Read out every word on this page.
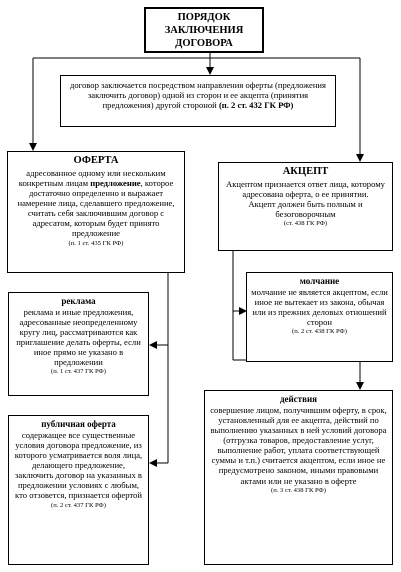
ПОРЯДОК
ЗАКЛЮЧЕНИЯ
ДОГОВОРА
договор заключается посредством направления оферты (предложения заключить договор) одной из сторон и ее акцепта (принятия предложения) другой стороной (п. 2 ст. 432 ГК РФ)
ОФЕРТА
адресованное одному или нескольким конкретным лицам предложение, которое достаточно определенно и выражает намерение лица, сделавшего предложение, считать себя заключившим договор с адресатом, которым будет принято предложение
(п. 1 ст. 435 ГК РФ)
АКЦЕПТ
Акцептом признается ответ лица, которому адресована оферта, о ее принятии.
Акцепт должен быть полным и безоговорочным
(ст. 438 ГК РФ)
реклама
реклама и иные предложения, адресованные неопределенному кругу лиц, рассматриваются как приглашение делать оферты, если иное прямо не указано в предложении
(п. 1 ст. 437 ГК РФ)
молчание
молчание не является акцептом, если иное не вытекает из закона, обычая или из прежних деловых отношений сторон
(п. 2 ст. 438 ГК РФ)
публичная оферта
содержащее все существенные условия договора предложение, из которого усматривается воля лица, делающего предложение, заключить договор на указанных в предложении условиях с любым, кто отзовется, признается офертой
(п. 2 ст. 437 ГК РФ)
действия
совершение лицом, получившим оферту, в срок, установленный для ее акцепта, действий по выполнению указанных в ней условий договора (отгрузка товаров, предоставление услуг, выполнение работ, уплата соответствующей суммы и т.п.) считается акцептом, если иное не предусмотрено законом, иными правовыми актами или не указано в оферте
(п. 3 ст. 438 ГК РФ)
